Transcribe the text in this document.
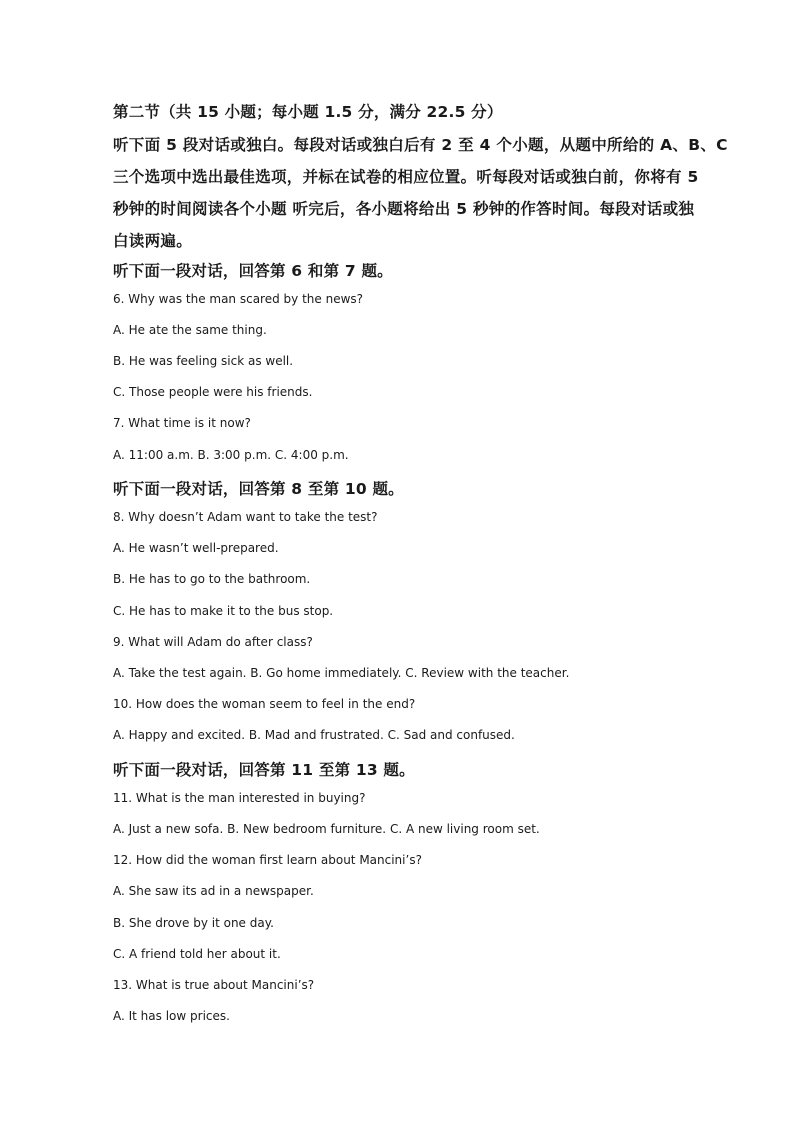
第二节（共 15 小题；每小题 1.5 分，满分 22.5 分）
听下面 5 段对话或独白。每段对话或独白后有 2 至 4 个小题，从题中所给的 A、B、C
三个选项中选出最佳选项，并标在试卷的相应位置。听每段对话或独白前，你将有 5
秒钟的时间阅读各个小题 听完后，各小题将给出 5 秒钟的作答时间。每段对话或独
白读两遍。
听下面一段对话，回答第 6 和第 7 题。
6. Why was the man scared by the news?
A. He ate the same thing.
B. He was feeling sick as well.
C. Those people were his friends.
7. What time is it now?
A. 11:00 a.m. B. 3:00 p.m. C. 4:00 p.m.
听下面一段对话，回答第 8 至第 10 题。
8. Why doesn’t Adam want to take the test?
A. He wasn’t well-prepared.
B. He has to go to the bathroom.
C. He has to make it to the bus stop.
9. What will Adam do after class?
A. Take the test again. B. Go home immediately. C. Review with the teacher.
10. How does the woman seem to feel in the end?
A. Happy and excited. B. Mad and frustrated. C. Sad and confused.
听下面一段对话，回答第 11 至第 13 题。
11. What is the man interested in buying?
A. Just a new sofa. B. New bedroom furniture. C. A new living room set.
12. How did the woman first learn about Mancini’s?
A. She saw its ad in a newspaper.
B. She drove by it one day.
C. A friend told her about it.
13. What is true about Mancini’s?
A. It has low prices.
